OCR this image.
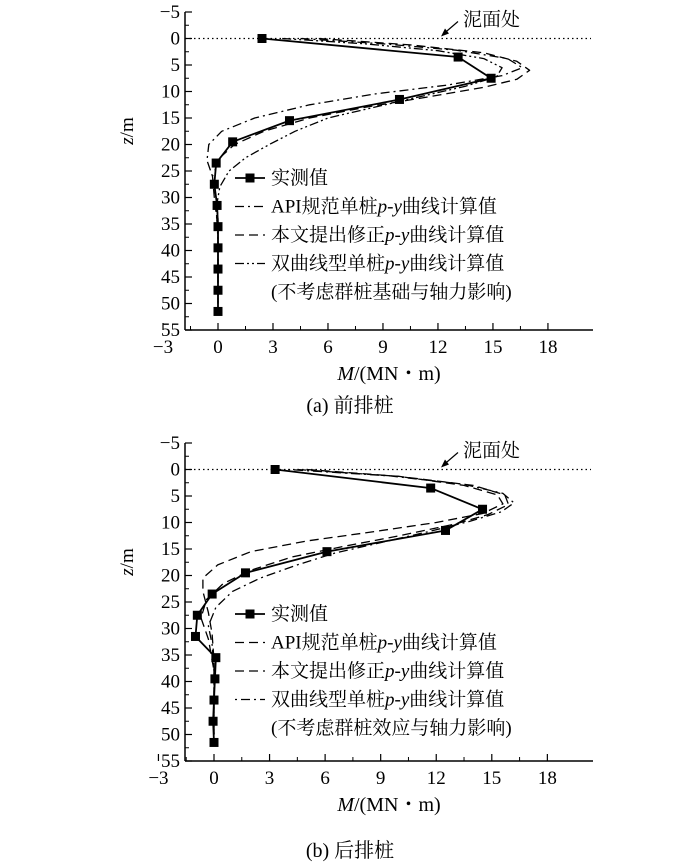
−5
0
5
10
15
20
25
30
35
40
45
50
55
−3 0 3 6 9 12 15 18
M/(MN・m)
z/m
泥面处
实测值
API规范单桩p-y曲线计算值
本文提出修正p-y曲线计算值
双曲线型单桩p-y曲线计算值
(不考虑群桩基础与轴力影响)
(a) 前排桩
−5
0
5
10
15
20
25
30
35
40
45
50
55
−3 0 3 6 9 12 15 18
M/(MN・m)
z/m
泥面处
实测值
API规范单桩p-y曲线计算值
本文提出修正p-y曲线计算值
双曲线型单桩p-y曲线计算值
(不考虑群桩效应与轴力影响)
(b) 后排桩
